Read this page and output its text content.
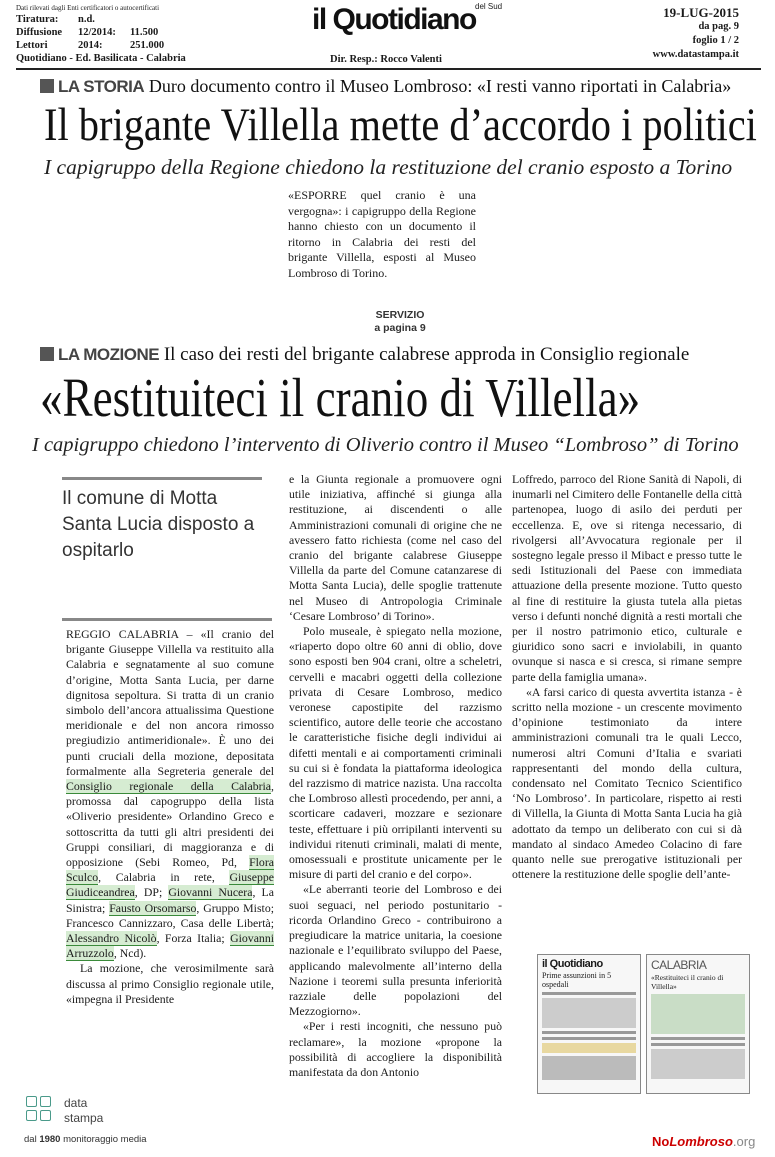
Dati rilevati dagli Enti certificatori o autocertificati
Tiratura: n.d.
Diffusione 12/2014: 11.500
Lettori	2014:	251.000
Quotidiano - Ed. Basilicata - Calabria
il Quotidiano del Sud
Dir. Resp.: Rocco Valenti
19-LUG-2015
da pag. 9
foglio 1 / 2
www.datastampa.it
LA STORIA Duro documento contro il Museo Lombroso: «I resti vanno riportati in Calabria»
Il brigante Villella mette d’accordo i politici
I capigruppo della Regione chiedono la restituzione del cranio esposto a Torino
«ESPORRE quel cranio è una vergogna»: i capigruppo della Regione hanno chiesto con un documento il ritorno in Calabria dei resti del brigante Villella, esposti al Museo Lombroso di Torino.
SERVIZIO
a pagina 9
LA MOZIONE Il caso dei resti del brigante calabrese approda in Consiglio regionale
«Restituiteci il cranio di Villella»
I capigruppo chiedono l’intervento di Oliverio contro il Museo “Lombroso” di Torino
Il comune di Motta Santa Lucia disposto a ospitarlo

REGGIO CALABRIA – «Il cranio del brigante Giuseppe Villella va restituito alla Calabria e segnatamente al suo comune d’origine, Motta Santa Lucia, per darne dignitosa sepoltura. Si tratta di un cranio simbolo dell’ancora attualissima Questione meridionale e del non ancora rimosso pregiudizio antimeridionale». È uno dei punti cruciali della mozione, depositata formalmente alla Segreteria generale del Consiglio regionale della Calabria, promossa dal capogruppo della lista «Oliverio presidente» Orlandino Greco e sottoscritta da tutti gli altri presidenti dei Gruppi consiliari, di maggioranza e di opposizione (Sebi Romeo, Pd, Flora Sculco, Calabria in rete, Giuseppe Giudiceandrea, DP; Giovanni Nucera, La Sinistra; Fausto Orsomarso, Gruppo Misto; Francesco Cannizzaro, Casa delle Libertà; Alessandro Nicolò, Forza Italia; Giovanni Arruzzolo, Ncd).

La mozione, che verosimilmente sarà discussa al primo Consiglio regionale utile, «impegna il Presidente

e la Giunta regionale a promuovere ogni utile iniziativa, affinché si giunga alla restituzione, ai discendenti o alle Amministrazioni comunali di origine che ne avessero fatto richiesta (come nel caso del cranio del brigante calabrese Giuseppe Villella da parte del Comune catanzarese di Motta Santa Lucia), delle spoglie trattenute nel Museo di Antropologia Criminale ‘Cesare Lombroso’ di Torino».

Polo museale, è spiegato nella mozione, «riaperto dopo oltre 60 anni di oblio, dove sono esposti ben 904 crani, oltre a scheletri, cervelli e macabri oggetti della collezione privata di Cesare Lombroso, medico veronese capostipite del razzismo scientifico, autore delle teorie che accostano le caratteristiche fisiche degli individui ai difetti mentali e ai comportamenti criminali su cui si è fondata la piattaforma ideologica del razzismo di matrice nazista. Una raccolta che Lombroso allestì procedendo, per anni, a scorticare cadaveri, mozzare e sezionare teste, effettuare i più orripilanti interventi su individui ritenuti criminali, malati di mente, omosessuali e prostitute unicamente per le misure di parti del cranio e del corpo».

«Le aberranti teorie del Lombroso e dei suoi seguaci, nel periodo postunitario - ricorda Orlandino Greco - contribuirono a pregiudicare la matrice unitaria, la coesione nazionale e l’equilibrato sviluppo del Paese, applicando malevolmente all’interno della Nazione i teoremi sulla presunta inferiorità razziale delle popolazioni del Mezzogiorno».

«Per i resti incogniti, che nessuno può reclamare», la mozione «propone la possibilità di accogliere la disponibilità manifestata da don Antonio

Loffredo, parroco del Rione Sanità di Napoli, di inumarli nel Cimitero delle Fontanelle della città partenopea, luogo di asilo dei perduti per eccellenza. E, ove si ritenga necessario, di rivolgersi all’Avvocatura regionale per il sostegno legale presso il Mibact e presso tutte le sedi Istituzionali del Paese con immediata attuazione della presente mozione. Tutto questo al fine di restituire la giusta tutela alla pietas verso i defunti nonché dignità a resti mortali che per il nostro patrimonio etico, culturale e giuridico sono sacri e inviolabili, in quanto ovunque si nasca e si cresca, si rimane sempre parte della famiglia umana».

«A farsi carico di questa avvertita istanza - è scritto nella mozione - un crescente movimento d’opinione testimoniato da intere amministrazioni comunali tra le quali Lecco, numerosi altri Comuni d’Italia e svariati rappresentanti del mondo della cultura, condensato nel Comitato Tecnico Scientifico ‘No Lombroso’. In particolare, rispetto ai resti di Villella, la Giunta di Motta Santa Lucia ha già adottato da tempo un deliberato con cui si dà mandato al sindaco Amedeo Colacino di fare quanto nelle sue prerogative istituzionali per ottenere la restituzione delle spoglie dell’ante-

il Quotidiano
Prime assunzioni in 5 ospedali
CALABRIA
«Restituiteci il cranio di Villella»
data
stampa
dal 1980 monitoraggio media	NoLombroso.org
